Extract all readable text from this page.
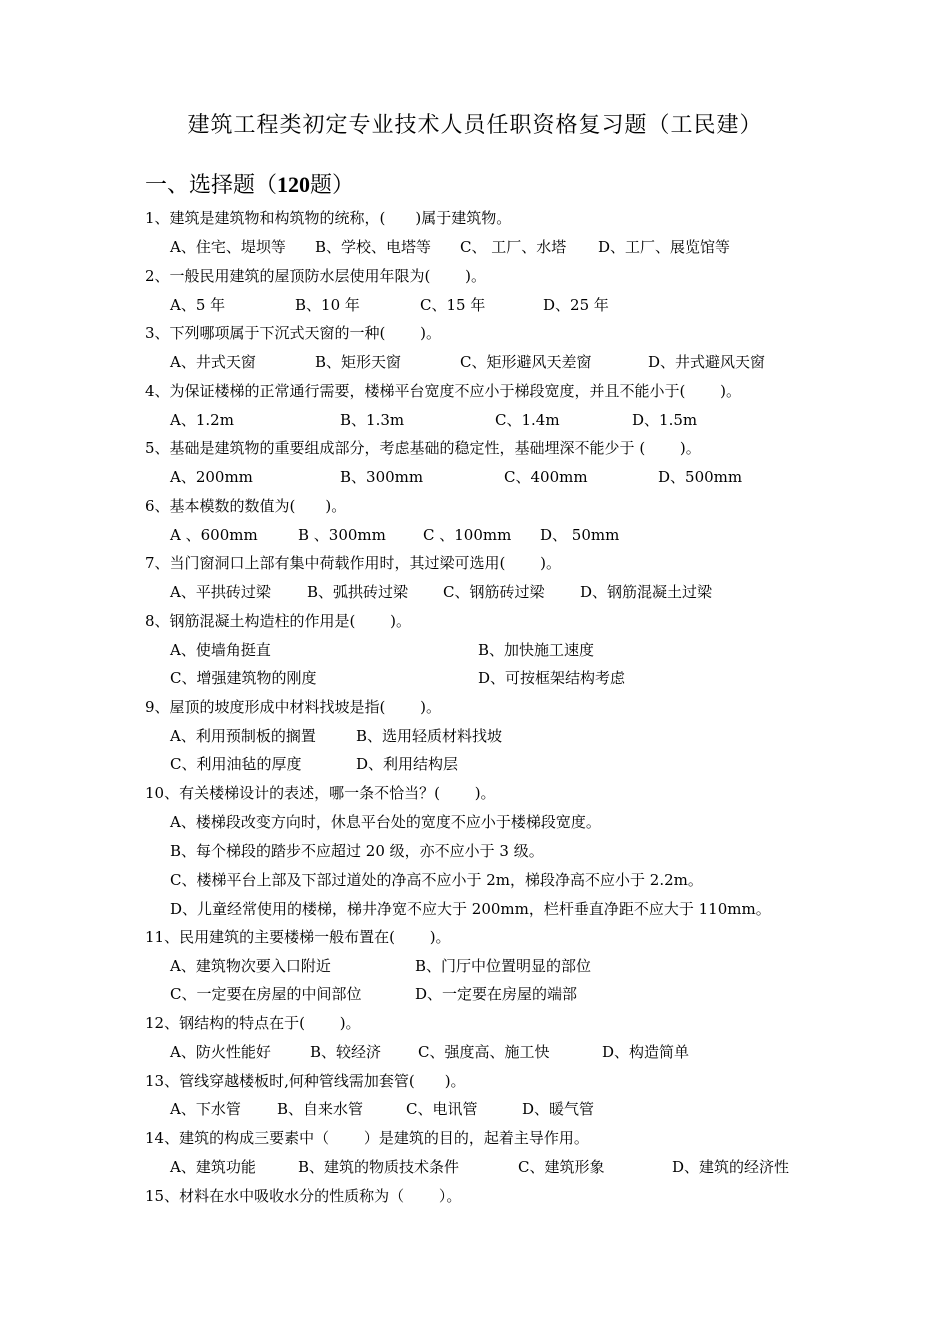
建筑工程类初定专业技术人员任职资格复习题（工民建）
一、选择题（120题）
1、建筑是建筑物和构筑物的统称，(　　)属于建筑物。
A、住宅、堤坝等 B、学校、电塔等 C、 工厂、水塔 D、工厂、展览馆等
2、一般民用建筑的屋顶防水层使用年限为(　　 )。
A、5 年	B、10 年	C、15 年	D、25 年
3、下列哪项属于下沉式天窗的一种(　　 )。
A、井式天窗	B、矩形天窗	C、矩形避风天差窗	D、井式避风天窗
4、为保证楼梯的正常通行需要，楼梯平台宽度不应小于梯段宽度，并且不能小于(　　 )。
A、1.2m	B、1.3m	C、1.4m	D、1.5m
5、基础是建筑物的重要组成部分，考虑基础的稳定性，基础埋深不能少于 (　　 )。
A、200mm	B、300mm	C、400mm	D、500mm
6、基本模数的数值为(　　)。
A 、600mm	B 、300mm C 、100mm D、 50mm
7、当门窗洞口上部有集中荷载作用时，其过梁可选用(　　 )。
A、平拱砖过梁 B、弧拱砖过梁 C、钢筋砖过梁 D、钢筋混凝土过梁
8、钢筋混凝土构造柱的作用是(　　 )。
A、使墙角挺直	B、加快施工速度
C、增强建筑物的刚度	D、可按框架结构考虑
9、屋顶的坡度形成中材料找坡是指(　　 )。
A、利用预制板的搁置	B、选用轻质材料找坡
C、利用油毡的厚度	D、利用结构层
10、有关楼梯设计的表述，哪一条不恰当？(　　 )。
A、楼梯段改变方向时，休息平台处的宽度不应小于楼梯段宽度。
B、每个梯段的踏步不应超过 20 级，亦不应小于 3 级。
C、楼梯平台上部及下部过道处的净高不应小于 2m，梯段净高不应小于 2.2m。
D、儿童经常使用的楼梯，梯井净宽不应大于 200mm，栏杆垂直净距不应大于 110mm。
11、民用建筑的主要楼梯一般布置在(　　 )。
A、建筑物次要入口附近	B、门厅中位置明显的部位
C、一定要在房屋的中间部位	D、一定要在房屋的端部
12、钢结构的特点在于(　　 )。
A、防火性能好	B、较经济 C、强度高、施工快	D、构造简单
13、管线穿越楼板时,何种管线需加套管(　　)。
A、下水管 B、自来水管	C、电讯管	D、暖气管
14、建筑的构成三要素中（　　 ）是建筑的目的，起着主导作用。
A、建筑功能	B、建筑的物质技术条件	C、建筑形象	D、建筑的经济性
15、材料在水中吸收水分的性质称为（　　 ）。
